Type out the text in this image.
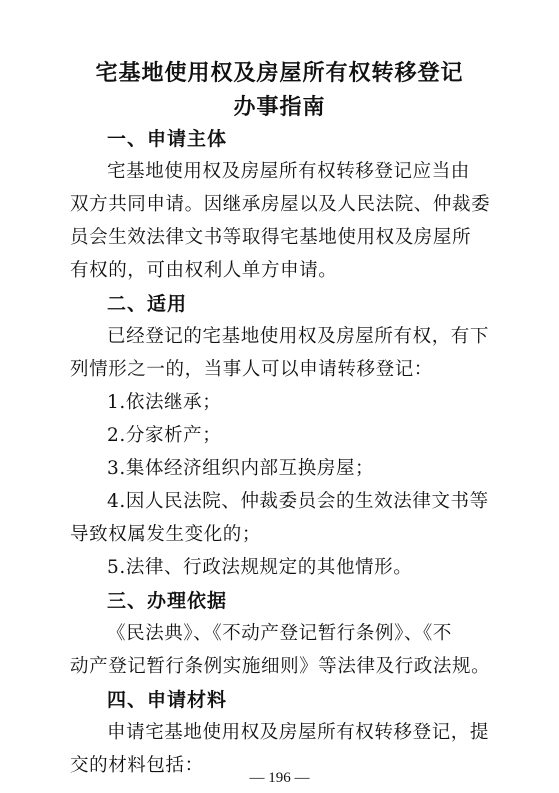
宅基地使用权及房屋所有权转移登记
办事指南
一、申请主体
宅基地使用权及房屋所有权转移登记应当由
双方共同申请。因继承房屋以及人民法院、仲裁委
员会生效法律文书等取得宅基地使用权及房屋所
有权的，可由权利人单方申请。
二、适用
已经登记的宅基地使用权及房屋所有权，有下
列情形之一的，当事人可以申请转移登记：
1.依法继承；
2.分家析产；
3.集体经济组织内部互换房屋；
4.因人民法院、仲裁委员会的生效法律文书等
导致权属发生变化的；
5.法律、行政法规规定的其他情形。
三、办理依据
《民法典》、《不动产登记暂行条例》、《不
动产登记暂行条例实施细则》等法律及行政法规。
四、申请材料
申请宅基地使用权及房屋所有权转移登记，提
交的材料包括：
— 196 —
